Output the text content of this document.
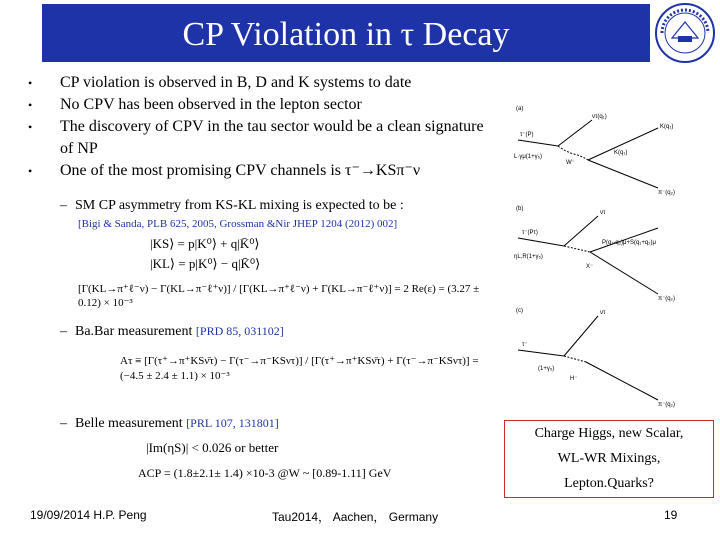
CP Violation in τ Decay
• CP violation is observed in B, D and K systems to date
• No CPV has been observed in the lepton sector
• The discovery of CPV in the tau sector would be a clean signature of NP
• One of the most promising CPV channels is τ⁻→KSπ⁻ν
– SM CP asymmetry from KS-KL mixing is expected to be :
[Bigi & Sanda, PLB 625, 2005, Grossman &Nir JHEP 1204 (2012) 002]
|KS⟩ = p|K⁰⟩ + q|K̄⁰⟩
|KL⟩ = p|K⁰⟩ − q|K̄⁰⟩
[Γ(KL→π⁺ℓ⁻ν) − Γ(KL→π⁻ℓ⁺ν)] / [Γ(KL→π⁺ℓ⁻ν) + Γ(KL→π⁻ℓ⁺ν)] = 2 Re(ε) = (3.27 ± 0.12) × 10⁻³
– Ba.Bar measurement [PRD 85, 031102]
Aτ ≡ [Γ(τ⁺→π⁺KSν̄τ) − Γ(τ⁻→π⁻KSντ)] / [Γ(τ⁺→π⁺KSν̄τ) + Γ(τ⁻→π⁻KSντ)] = (−4.5 ± 2.4 ± 1.1) × 10⁻³
– Belle measurement [PRL 107, 131801]
|Im(ηS)| < 0.026 or better
ACP = (1.8±2.1± 1.4) ×10-3 @W ~ [0.89-1.11] GeV
(a)
ντ(q₁)
τ⁻(P)
W⁻
K(q₁)
K(q₁)
L·γμ(1+γ₅)
π⁻(q₂)
(b)
ντ
τ⁻(Pτ)
ηL,R(1+γ₅)
P(q₁-q₂)μ+S(q₁+q₂)μ
X⁻
π⁻(q₂)
(c)	ντ
τ⁻
(1+γ₅)
H⁻
π⁻(q₂)
Charge Higgs, new Scalar,
WL-WR Mixings,
Lepton.Quarks?
19/09/2014 H.P. Peng	Tau2014， Aachen， Germany	19
